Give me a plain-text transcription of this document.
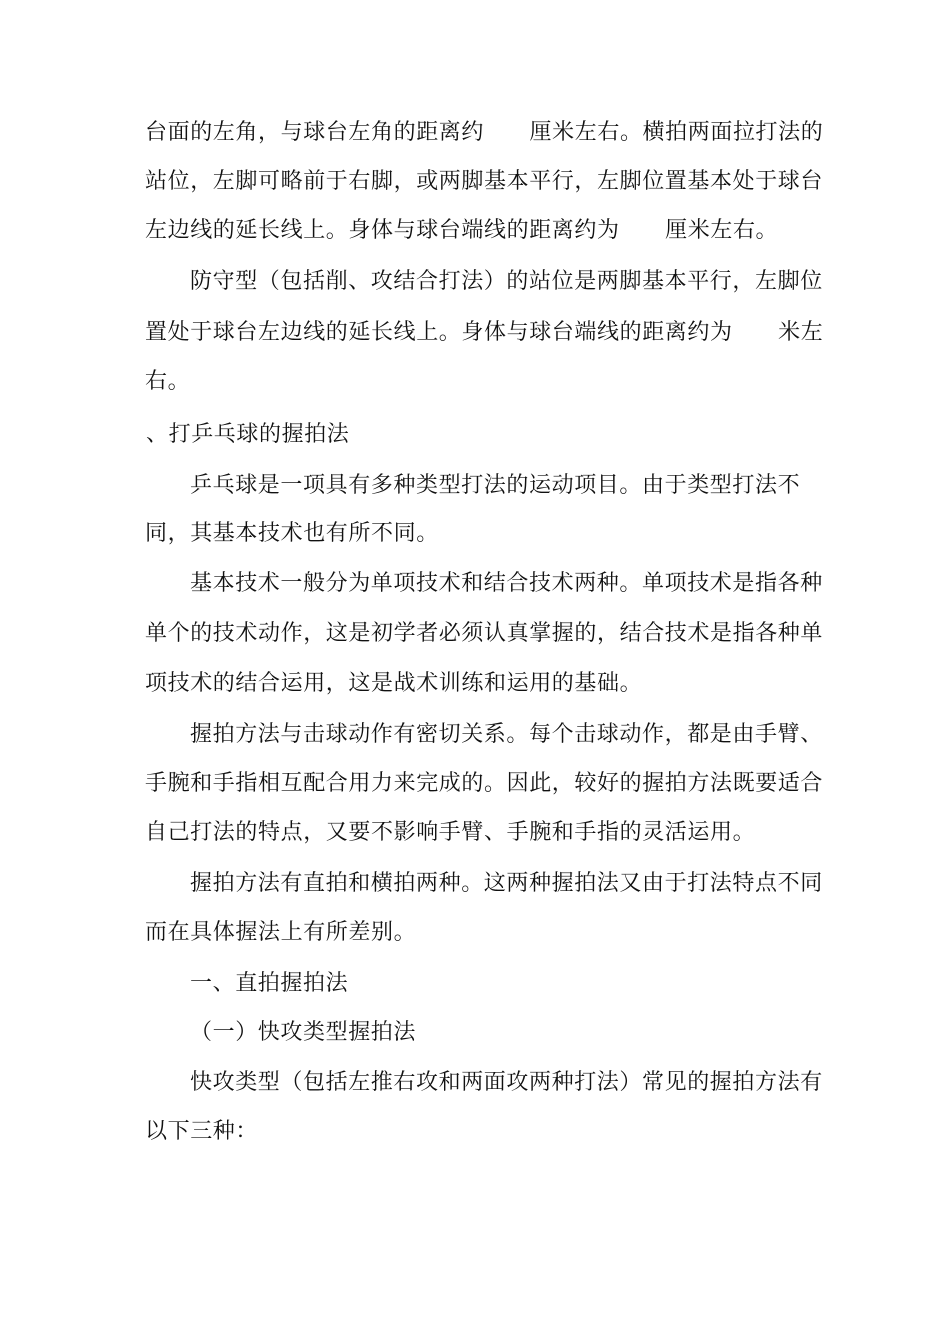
台面的左角，与球台左角的距离约      厘米左右。横拍两面拉打法的
站位，左脚可略前于右脚，或两脚基本平行，左脚位置基本处于球台
左边线的延长线上。身体与球台端线的距离约为      厘米左右。
防守型（包括削、攻结合打法）的站位是两脚基本平行，左脚位
置处于球台左边线的延长线上。身体与球台端线的距离约为      米左
右。
、打乒乓球的握拍法
乒乓球是一项具有多种类型打法的运动项目。由于类型打法不
同，其基本技术也有所不同。
基本技术一般分为单项技术和结合技术两种。单项技术是指各种
单个的技术动作，这是初学者必须认真掌握的，结合技术是指各种单
项技术的结合运用，这是战术训练和运用的基础。
握拍方法与击球动作有密切关系。每个击球动作，都是由手臂、
手腕和手指相互配合用力来完成的。因此，较好的握拍方法既要适合
自己打法的特点，又要不影响手臂、手腕和手指的灵活运用。
握拍方法有直拍和横拍两种。这两种握拍法又由于打法特点不同
而在具体握法上有所差别。
一、直拍握拍法
（一）快攻类型握拍法
快攻类型（包括左推右攻和两面攻两种打法）常见的握拍方法有
以下三种：
